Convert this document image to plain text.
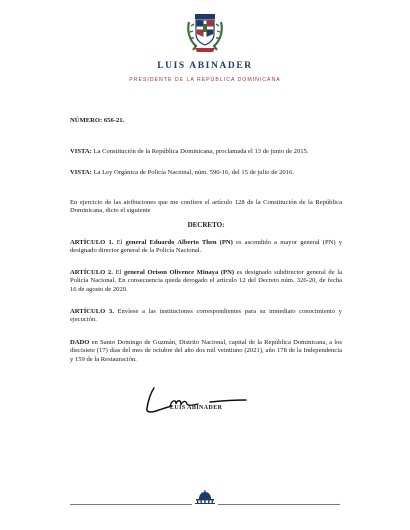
LUIS ABINADER
PRESIDENTE DE LA REPÚBLICA DOMINICANA
NÚMERO: 656-21.
VISTA: La Constitución de la República Dominicana, proclamada el 13 de junio de 2015.
VISTA: La Ley Orgánica de Policía Nacional, núm. 590-16, del 15 de julio de 2016.
En ejercicio de las atribuciones que me confiere el artículo 128 de la Constitución de la República Dominicana, dicto el siguiente
DECRETO:
ARTÍCULO 1. El general Eduardo Alberto Then (PN) es ascendido a mayor general (PN) y designado director general de la Policía Nacional.
ARTÍCULO 2. El general Orison Olivence Minaya (PN) es designado subdirector general de la Policía Nacional. En consecuencia queda derogado el artículo 12 del Decreto núm. 326-20, de fecha 16 de agosto de 2020.
ARTÍCULO 3. Envíese a las instituciones correspondientes para su inmediato conocimiento y ejecución.
DADO en Santo Domingo de Guzmán, Distrito Nacional, capital de la República Dominicana, a los diecisiete (17) días del mes de octubre del año dos mil veintiuno (2021), año 178 de la Independencia y 159 de la Restauración.
LUIS ABINADER
